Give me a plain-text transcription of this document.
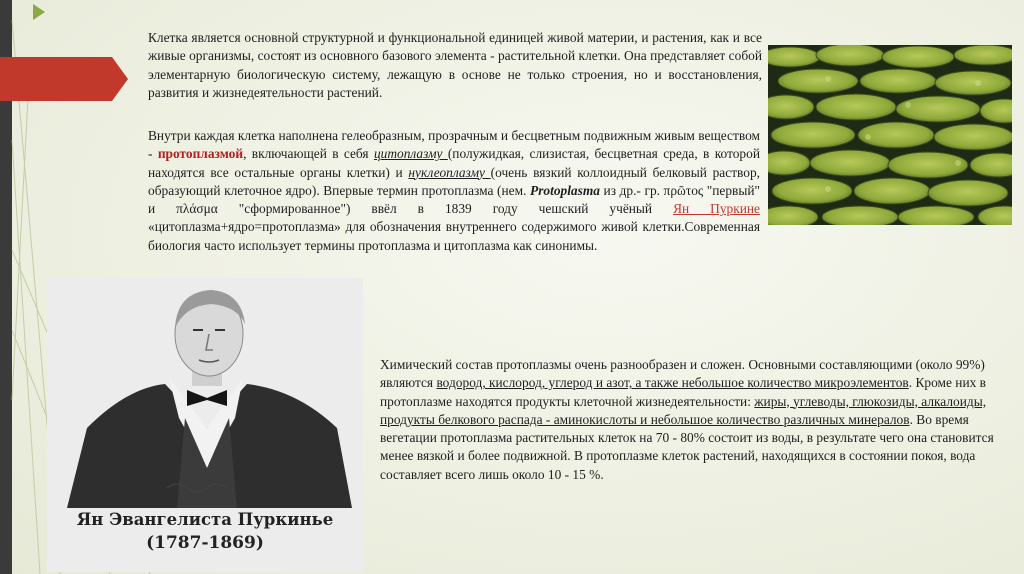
Клетка является основной структурной и функциональной единицей живой материи, и растения, как и все живые организмы, состоят из основного базового элемента - растительной клетки. Она представляет собой элементарную биологическую систему, лежащую в основе не только строения, но и восстановления, развития и жизнедеятельности растений.
Внутри каждая клетка наполнена гелеобразным, прозрачным и бесцветным подвижным живым веществом - протоплазмой, включающей в себя цитоплазму (полужидкая, слизистая, бесцветная среда, в которой находятся все остальные органы клетки) и нуклеоплазму (очень вязкий коллоидный белковый раствор, образующий клеточное ядро). Впервые термин протоплазма (нем. Protoplasma из др.- гр. πρῶτος "первый" и πλάσμα "сформированное") ввёл в 1839 году чешский учёный Ян Пуркине «цитоплазма+ядро=протоплазма» для обозначения внутреннего содержимого живой клетки.Современная биология часто использует термины протоплазма и цитоплазма как синонимы.
Химический состав протоплазмы очень разнообразен и сложен. Основными составляющими (около 99%) являются водород, кислород, углерод и азот, а также небольшое количество микроэлементов. Кроме них в протоплазме находятся продукты клеточной жизнедеятельности: жиры, углеводы, глюкозиды, алкалоиды, продукты белкового распада - аминокислоты и небольшое количество различных минералов. Во время вегетации протоплазма растительных клеток на 70 - 80% состоит из воды, в результате чего она становится менее вязкой и более подвижной. В протоплазме клеток растений, находящихся в состоянии покоя, вода составляет всего лишь около 10 - 15 %.
Ян Эвангелиста Пуркинье
(1787-1869)
